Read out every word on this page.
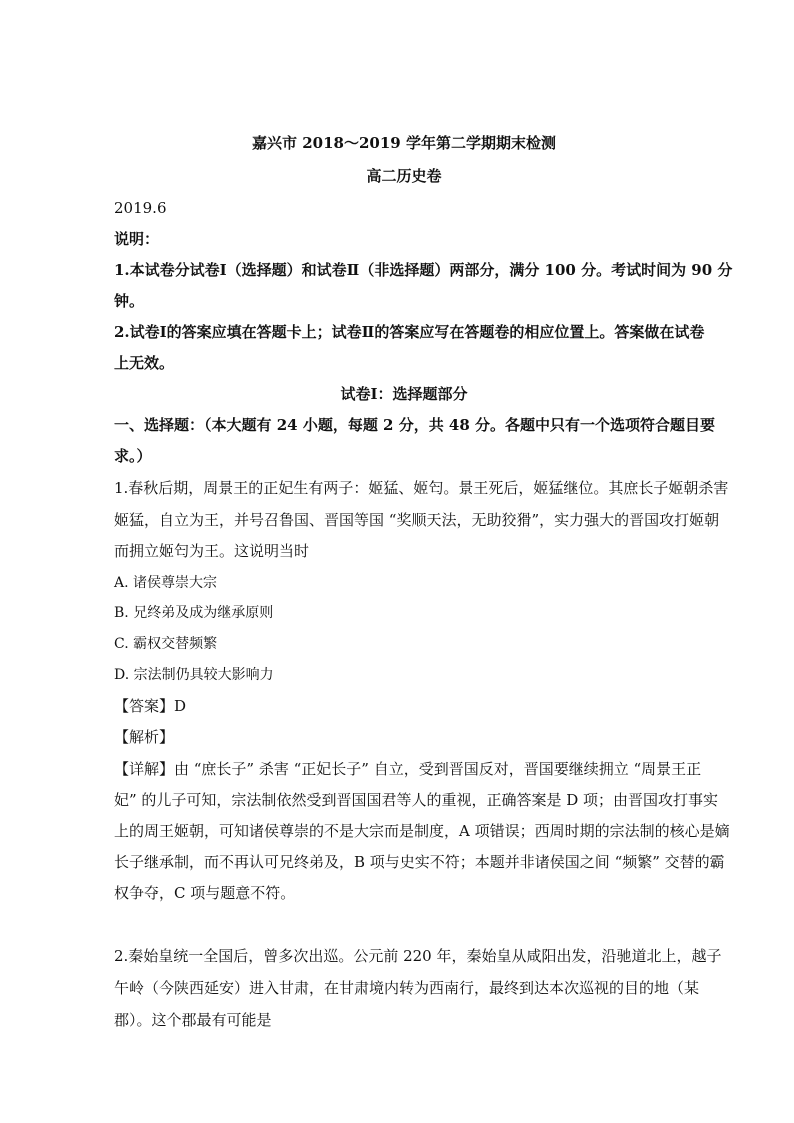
嘉兴市 2018～2019 学年第二学期期末检测
高二历史卷
2019.6
说明：
1.本试卷分试卷Ⅰ（选择题）和试卷Ⅱ（非选择题）两部分，满分 100 分。考试时间为 90 分
钟。
2.试卷Ⅰ的答案应填在答题卡上；试卷Ⅱ的答案应写在答题卷的相应位置上。答案做在试卷
上无效。
试卷Ⅰ：选择题部分
一、选择题：（本大题有 24 小题，每题 2 分，共 48 分。各题中只有一个选项符合题目要
求。）
1.春秋后期，周景王的正妃生有两子：姬猛、姬匄。景王死后，姬猛继位。其庶长子姬朝杀害
姬猛，自立为王，并号召鲁国、晋国等国 “奖顺天法，无助狡猾”，实力强大的晋国攻打姬朝
而拥立姬匄为王。这说明当时
A. 诸侯尊崇大宗
B. 兄终弟及成为继承原则
C. 霸权交替频繁
D. 宗法制仍具较大影响力
【答案】D
【解析】
【详解】由 “庶长子” 杀害 “正妃长子” 自立，受到晋国反对，晋国要继续拥立 “周景王正
妃” 的儿子可知，宗法制依然受到晋国国君等人的重视，正确答案是 D 项；由晋国攻打事实
上的周王姬朝，可知诸侯尊崇的不是大宗而是制度，A 项错误；西周时期的宗法制的核心是嫡
长子继承制，而不再认可兄终弟及，B 项与史实不符；本题并非诸侯国之间 “频繁” 交替的霸
权争夺，C 项与题意不符。
2.秦始皇统一全国后，曾多次出巡。公元前 220 年，秦始皇从咸阳出发，沿驰道北上，越子
午岭（今陕西延安）进入甘肃，在甘肃境内转为西南行，最终到达本次巡视的目的地（某
郡）。这个郡最有可能是
